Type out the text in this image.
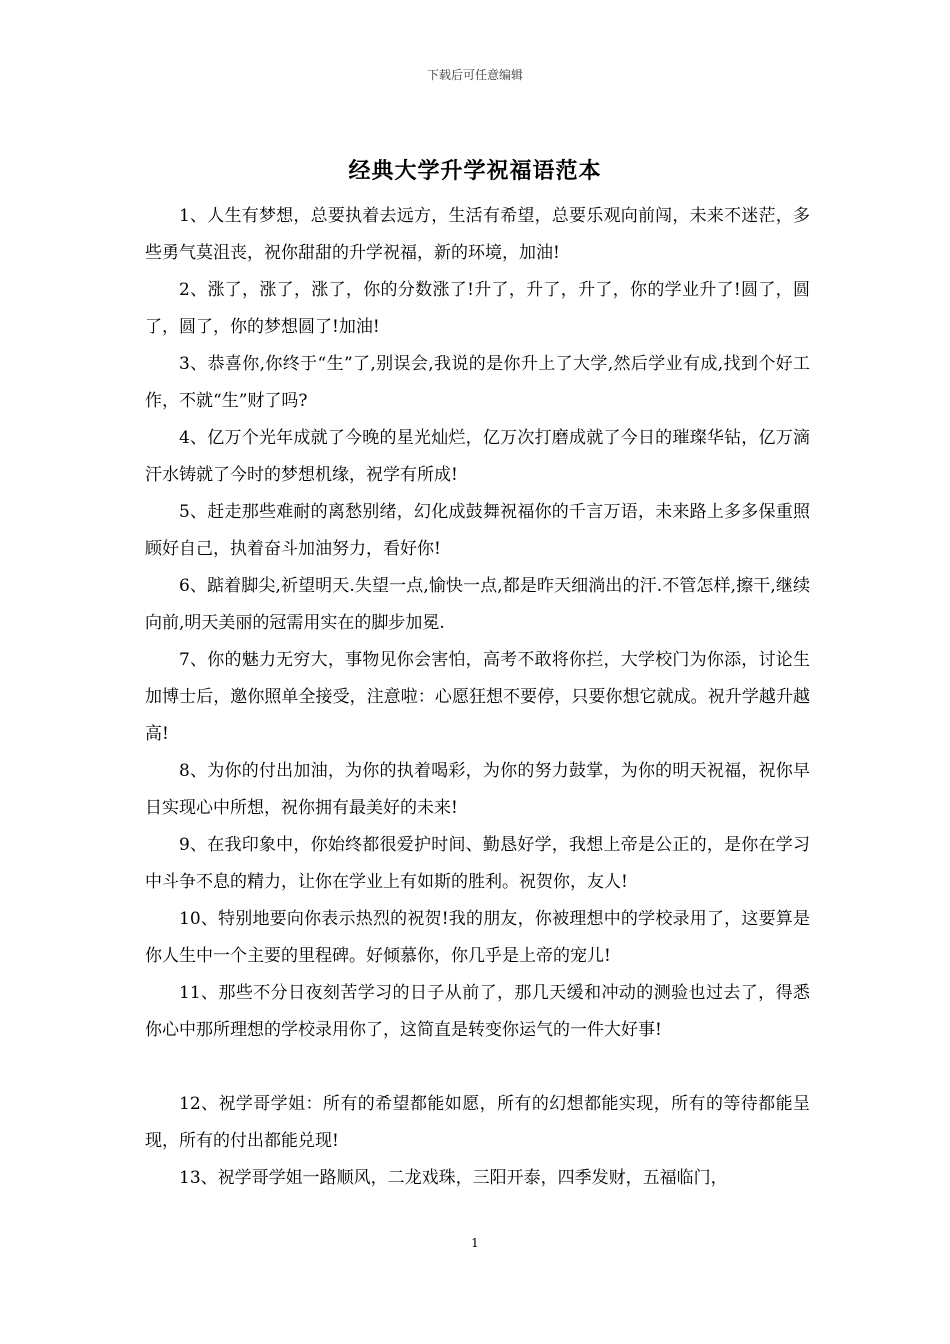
下载后可任意编辑
经典大学升学祝福语范本

1、人生有梦想，总要执着去远方，生活有希望，总要乐观向前闯，未来不迷茫，多些勇气莫沮丧，祝你甜甜的升学祝福，新的环境，加油!

2、涨了，涨了，涨了，你的分数涨了!升了，升了，升了，你的学业升了!圆了，圆了，圆了，你的梦想圆了!加油!

3、恭喜你,你终于“生”了,别误会,我说的是你升上了大学,然后学业有成,找到个好工作，不就“生”财了吗?

4、亿万个光年成就了今晚的星光灿烂，亿万次打磨成就了今日的璀璨华钻，亿万滴汗水铸就了今时的梦想机缘，祝学有所成!

5、赶走那些难耐的离愁别绪，幻化成鼓舞祝福你的千言万语，未来路上多多保重照顾好自己，执着奋斗加油努力，看好你!

6、踮着脚尖,祈望明天.失望一点,愉快一点,都是昨天细淌出的汗.不管怎样,擦干,继续向前,明天美丽的冠需用实在的脚步加冕.

7、你的魅力无穷大，事物见你会害怕，高考不敢将你拦，大学校门为你添，讨论生加博士后，邀你照单全接受，注意啦：心愿狂想不要停，只要你想它就成。祝升学越升越高!

8、为你的付出加油，为你的执着喝彩，为你的努力鼓掌，为你的明天祝福，祝你早日实现心中所想，祝你拥有最美好的未来!

9、在我印象中，你始终都很爱护时间、勤恳好学，我想上帝是公正的，是你在学习中斗争不息的精力，让你在学业上有如斯的胜利。祝贺你，友人!

10、特别地要向你表示热烈的祝贺!我的朋友，你被理想中的学校录用了，这要算是你人生中一个主要的里程碑。好倾慕你，你几乎是上帝的宠儿!

11、那些不分日夜刻苦学习的日子从前了，那几天缓和冲动的测验也过去了，得悉你心中那所理想的学校录用你了，这简直是转变你运气的一件大好事!

12、祝学哥学姐：所有的希望都能如愿，所有的幻想都能实现，所有的等待都能呈现，所有的付出都能兑现!

13、祝学哥学姐一路顺风，二龙戏珠，三阳开泰，四季发财，五福临门，

1
